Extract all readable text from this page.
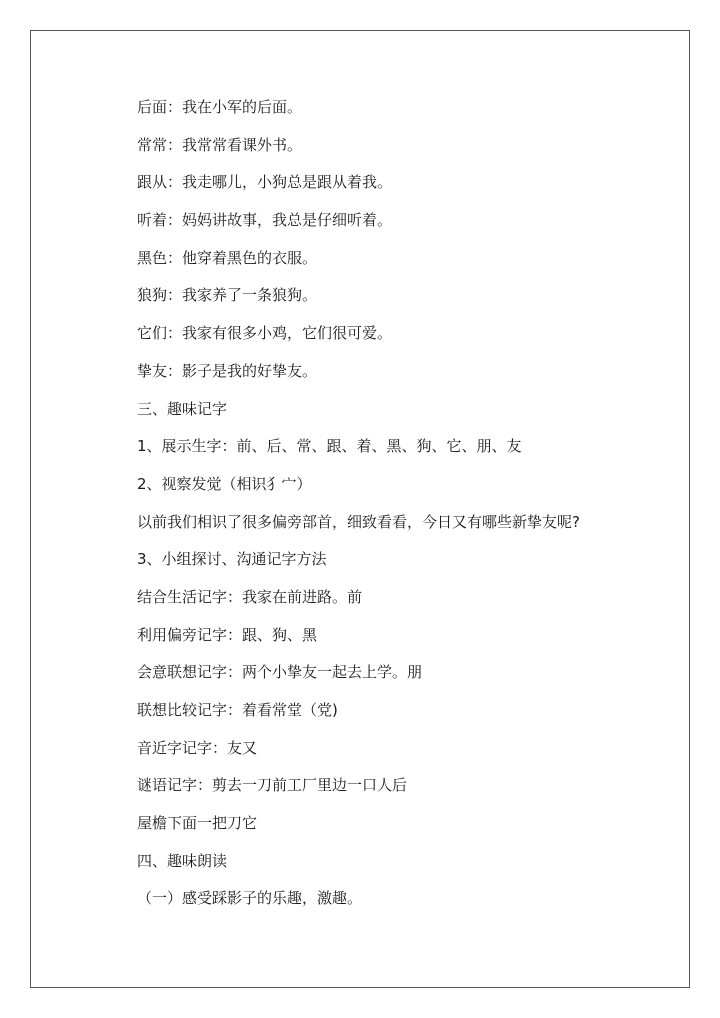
后面：我在小军的后面。
常常：我常常看课外书。
跟从：我走哪儿，小狗总是跟从着我。
听着：妈妈讲故事，我总是仔细听着。
黑色：他穿着黑色的衣服。
狼狗：我家养了一条狼狗。
它们：我家有很多小鸡，它们很可爱。
挚友：影子是我的好挚友。
三、趣味记字
1、展示生字：前、后、常、跟、着、黑、狗、它、朋、友
2、视察发觉（相识犭宀）
以前我们相识了很多偏旁部首，细致看看，今日又有哪些新挚友呢?
3、小组探讨、沟通记字方法
结合生活记字：我家在前进路。前
利用偏旁记字：跟、狗、黑
会意联想记字：两个小挚友一起去上学。朋
联想比较记字：着看常堂（党)
音近字记字：友又
谜语记字：剪去一刀前工厂里边一口人后
屋檐下面一把刀它
四、趣味朗读
（一）感受踩影子的乐趣，激趣。
